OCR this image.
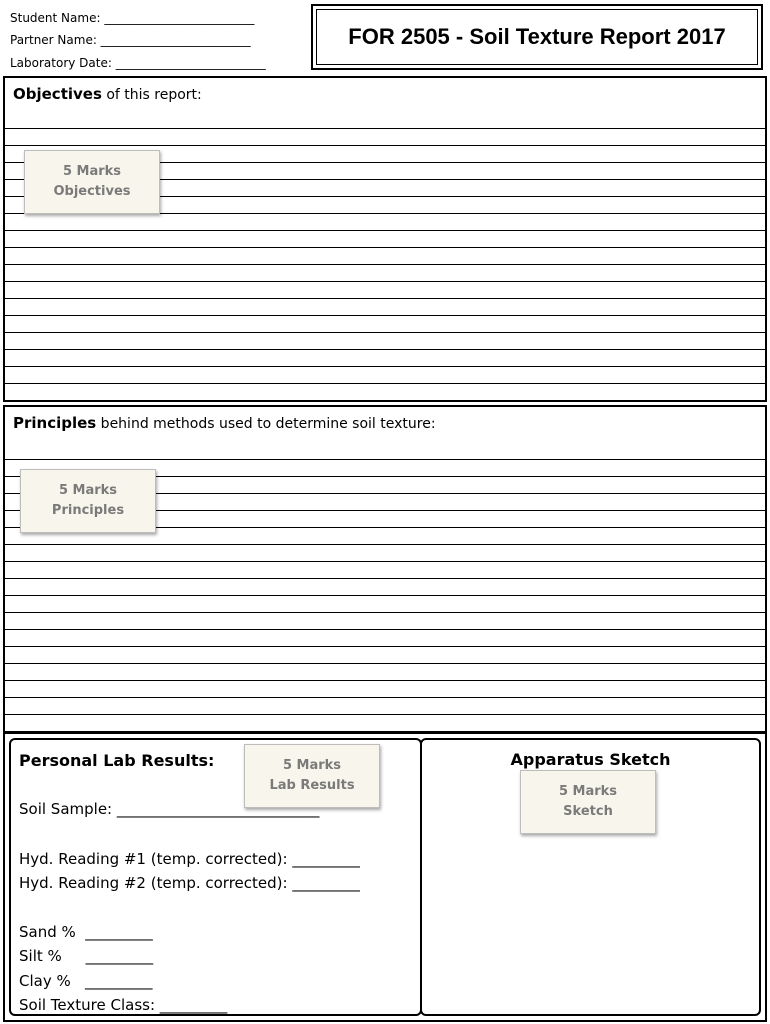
Student Name: _________________________
Partner Name: _________________________
Laboratory Date: _________________________
FOR 2505 - Soil Texture Report 2017
Objectives of this report:
5 Marks
Objectives
Principles behind methods used to determine soil texture:
5 Marks
Principles
Personal Lab Results:	5 Marks
Lab Results
Soil Sample: ___________________________
Hyd. Reading #1 (temp. corrected): _________
Hyd. Reading #2 (temp. corrected): _________
Sand %  _________
Silt %     _________
Clay %   _________
Soil Texture Class: _________
Apparatus Sketch
5 Marks
Sketch
